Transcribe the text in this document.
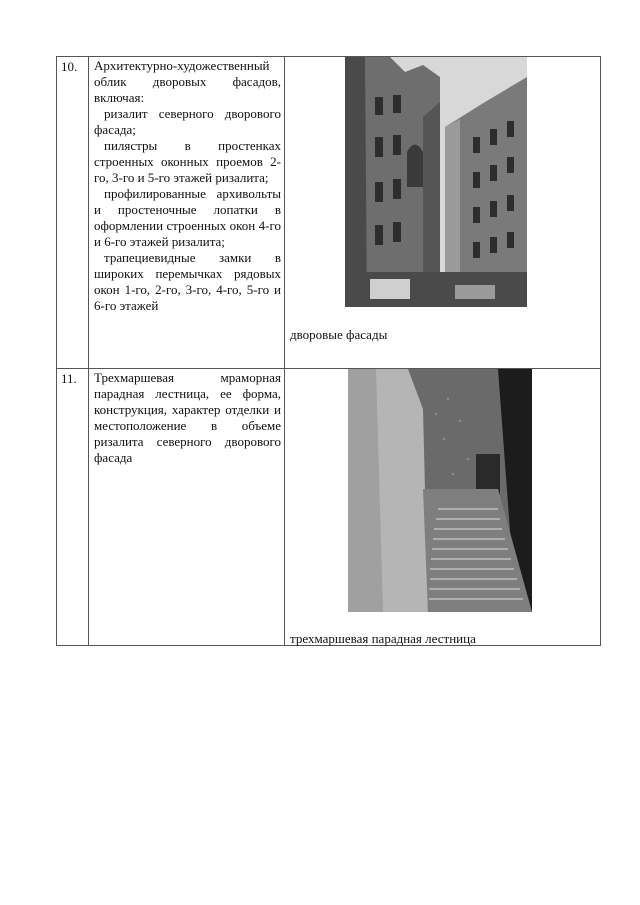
10.	Архитектурно-художественный облик дворовых фасадов, включая:

ризалит северного дворового фасада;

пилястры в простенках строенных оконных проемов 2-го, 3-го и 5-го этажей ризалита;

профилированные архивольты и простеночные лопатки в оформлении строенных окон 4-го и 6-го этажей ризалита;

трапециевидные замки в широких перемычках рядовых окон 1-го, 2-го, 3-го, 4-го, 5-го и 6-го этажей	дворовые фасады

11.	Трехмаршевая мраморная парадная лестница, ее форма, конструкция, характер отделки и местоположение в объеме ризалита северного дворового фасада	трехмаршевая парадная лестница
